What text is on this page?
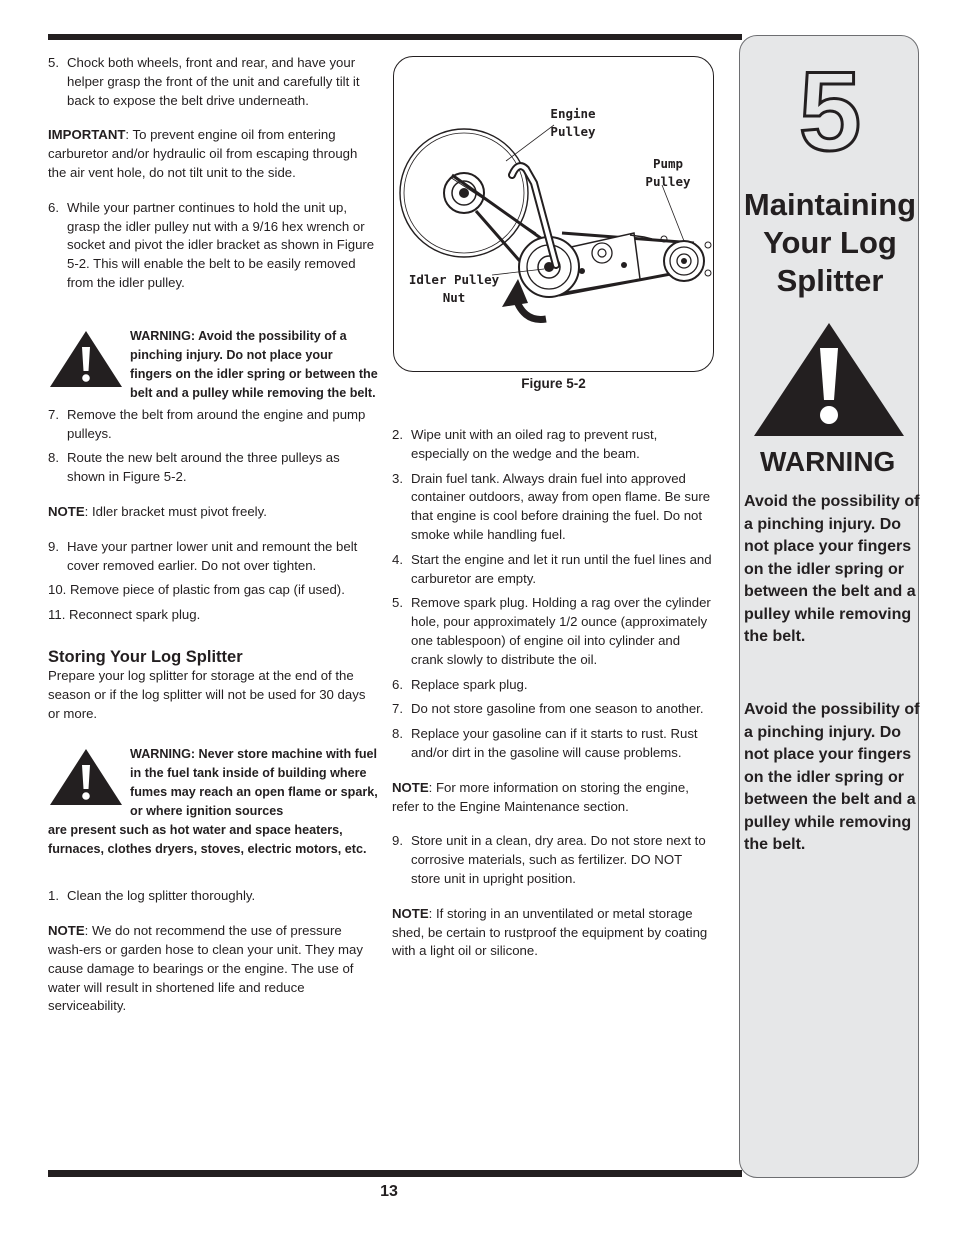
5. Chock both wheels, front and rear, and have your helper grasp the front of the unit and carefully tilt it back to expose the belt drive underneath.
IMPORTANT: To prevent engine oil from entering carburetor and/or hydraulic oil from escaping through the air vent hole, do not tilt unit to the side.
6. While your partner continues to hold the unit up, grasp the idler pulley nut with a 9/16 hex wrench or socket and pivot the idler bracket as shown in Figure 5-2. This will enable the belt to be easily removed from the idler pulley.
WARNING: Avoid the possibility of a pinching injury. Do not place your fingers on the idler spring or between the belt and a pulley while removing the belt.
7. Remove the belt from around the engine and pump pulleys.
8. Route the new belt around the three pulleys as shown in Figure 5-2.
NOTE: Idler bracket must pivot freely.
9. Have your partner lower unit and remount the belt cover removed earlier. Do not over tighten.
10. Remove piece of plastic from gas cap (if used).
11. Reconnect spark plug.
Storing Your Log Splitter
Prepare your log splitter for storage at the end of the season or if the log splitter will not be used for 30 days or more.
WARNING: Never store machine with fuel in the fuel tank inside of building where fumes may reach an open flame or spark, or where ignition sources
are present such as hot water and space heaters, furnaces, clothes dryers, stoves, electric motors, etc.
1. Clean the log splitter thoroughly.
NOTE: We do not recommend the use of pressure wash-ers or garden hose to clean your unit. They may cause damage to bearings or the engine. The use of water will result in shortened life and reduce serviceability.
Engine
Pulley
Pump
Pulley
Idler Pulley
Nut
Figure 5-2
2. Wipe unit with an oiled rag to prevent rust, especially on the wedge and the beam.
3. Drain fuel tank. Always drain fuel into approved container outdoors, away from open flame. Be sure that engine is cool before draining the fuel. Do not smoke while handling fuel.
4. Start the engine and let it run until the fuel lines and carburetor are empty.
5. Remove spark plug. Holding a rag over the cylinder hole, pour approximately 1/2 ounce (approximately one tablespoon) of engine oil into cylinder and crank slowly to distribute the oil.
6. Replace spark plug.
7. Do not store gasoline from one season to another.
8. Replace your gasoline can if it starts to rust. Rust and/or dirt in the gasoline will cause problems.
NOTE: For more information on storing the engine, refer to the Engine Maintenance section.
9. Store unit in a clean, dry area. Do not store next to corrosive materials, such as fertilizer. DO NOT store unit in upright position.
NOTE: If storing in an unventilated or metal storage shed, be certain to rustproof the equipment by coating with a light oil or silicone.
5
Maintaining
Your Log
Splitter
WARNING
Avoid the possibility of a pinching injury. Do not place your fingers on the idler spring or between the belt and a pulley while removing the belt.
Avoid the possibility of a pinching injury. Do not place your fingers on the idler spring or between the belt and a pulley while removing the belt.
13
